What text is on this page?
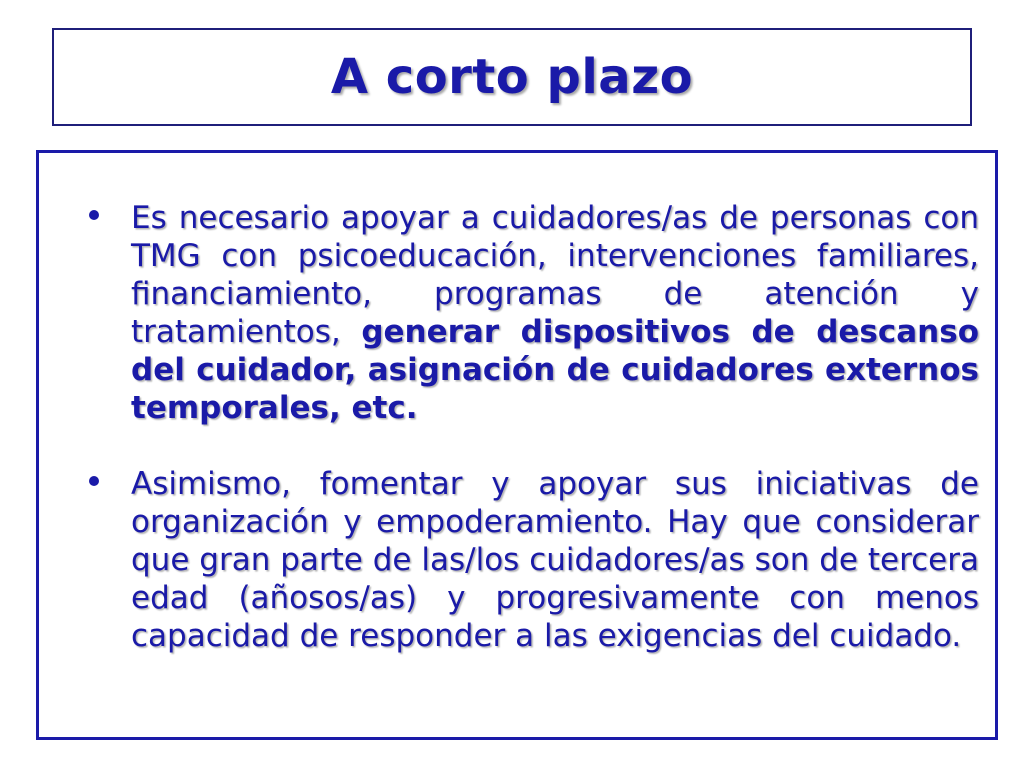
A corto plazo

Es necesario apoyar a cuidadores/as de personas con TMG con psicoeducación, intervenciones familiares, financiamiento, programas de atención y tratamientos, generar dispositivos de descanso del cuidador, asignación de cuidadores externos temporales, etc.

Asimismo, fomentar y apoyar sus iniciativas de organización y empoderamiento. Hay que considerar que gran parte de las/los cuidadores/as son de tercera edad (añosos/as) y progresivamente con menos capacidad de responder a las exigencias del cuidado.
